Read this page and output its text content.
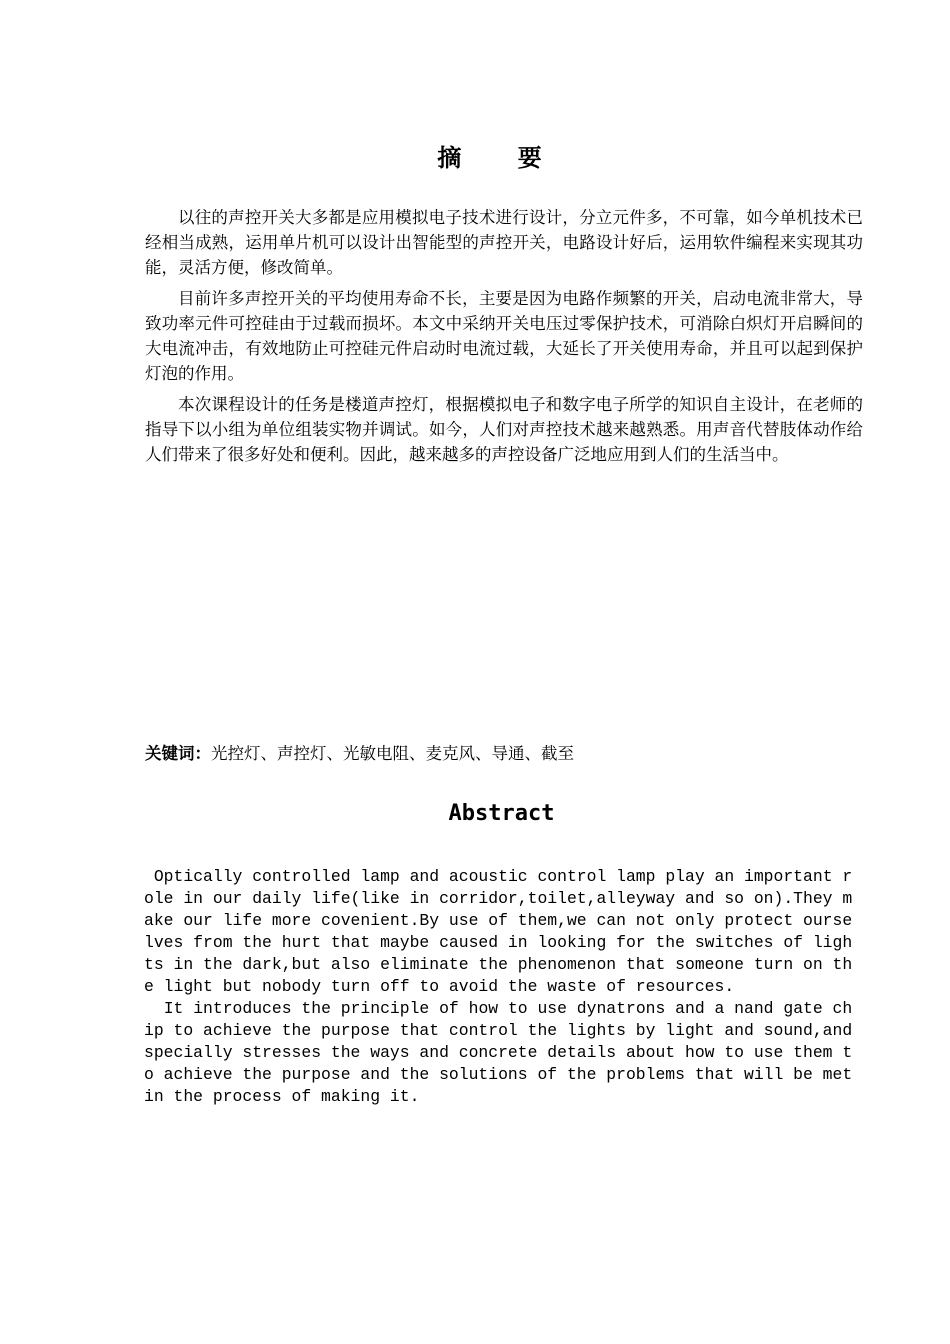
摘 要

以往的声控开关大多都是应用模拟电子技术进行设计，分立元件多，不可靠，如今单机技术已经相当成熟，运用单片机可以设计出智能型的声控开关，电路设计好后，运用软件编程来实现其功能，灵活方便，修改简单。

目前许多声控开关的平均使用寿命不长，主要是因为电路作频繁的开关，启动电流非常大，导致功率元件可控硅由于过载而损坏。本文中采纳开关电压过零保护技术，可消除白炽灯开启瞬间的大电流冲击，有效地防止可控硅元件启动时电流过载，大延长了开关使用寿命，并且可以起到保护灯泡的作用。

本次课程设计的任务是楼道声控灯，根据模拟电子和数字电子所学的知识自主设计，在老师的指导下以小组为单位组装实物并调试。如今，人们对声控技术越来越熟悉。用声音代替肢体动作给人们带来了很多好处和便利。因此，越来越多的声控设备广泛地应用到人们的生活当中。

关键词：光控灯、声控灯、光敏电阻、麦克风、导通、截至

Abstract

Optically controlled lamp and acoustic control lamp play an important role in our daily life(like in corridor,toilet,alleyway and so on).They make our life more covenient.By use of them,we can not only protect ourselves from the hurt that maybe caused in looking for the switches of lights in the dark,but also eliminate the phenomenon that someone turn on the light but nobody turn off to avoid the waste of resources.

It introduces the principle of how to use dynatrons and a nand gate chip to achieve the purpose that control the lights by light and sound,and specially stresses the ways and concrete details about how to use them to achieve the purpose and the solutions of the problems that will be met in the process of making it.
